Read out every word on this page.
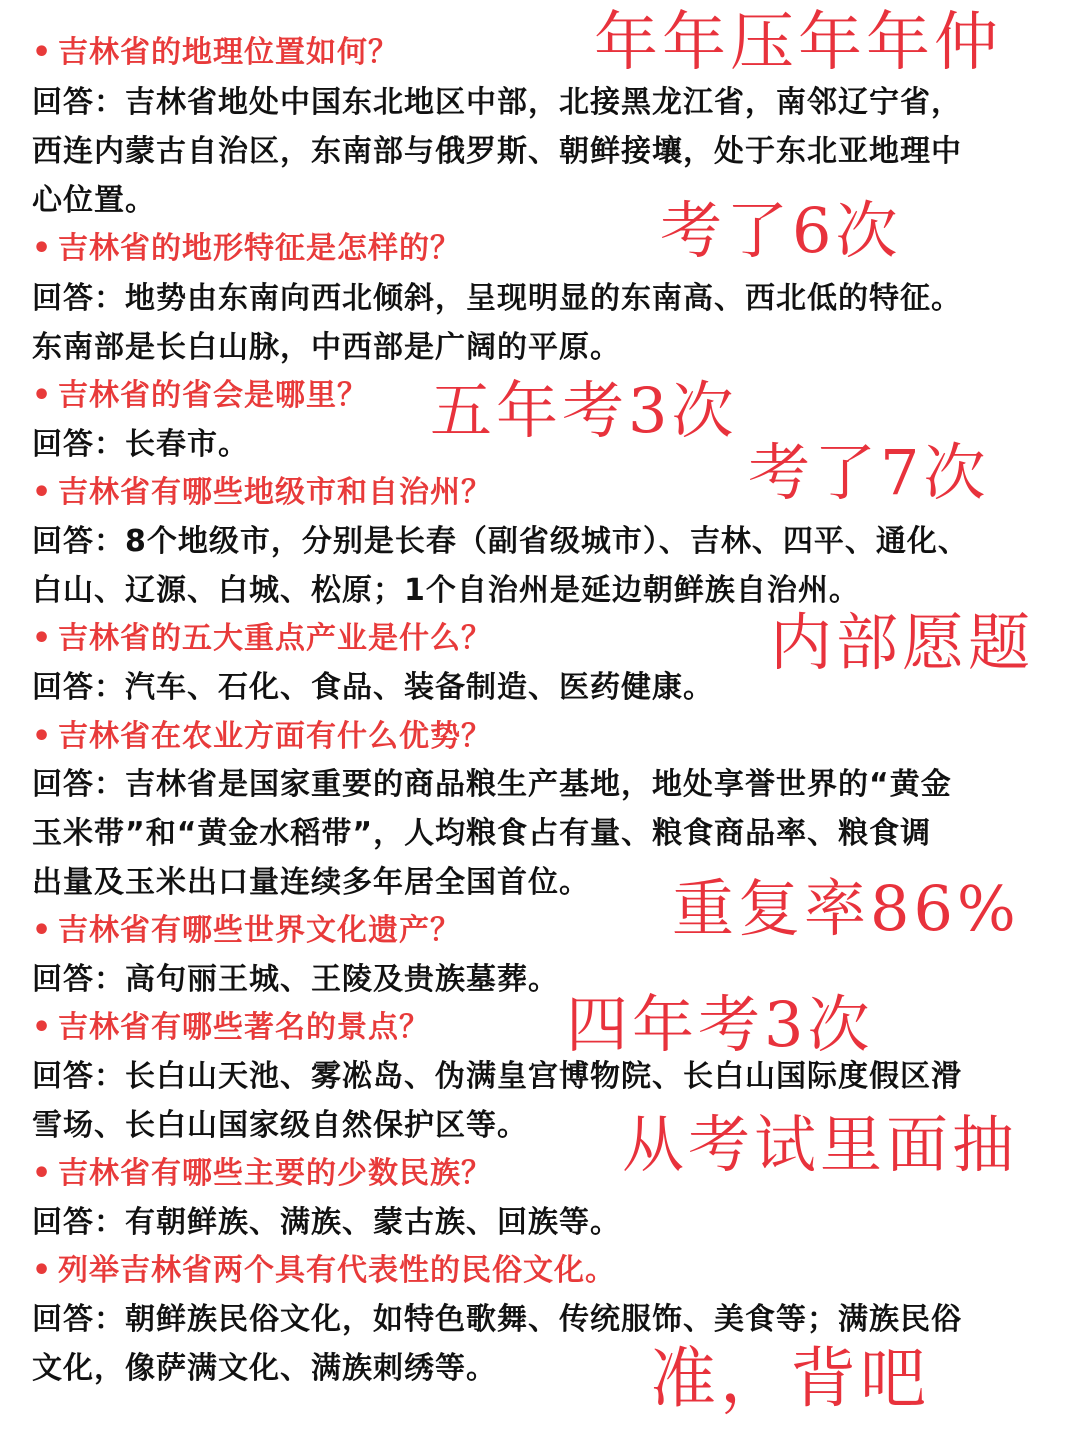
• 吉林省的地理位置如何？
回答：吉林省地处中国东北地区中部，北接黑龙江省，南邻辽宁省，
西连内蒙古自治区，东南部与俄罗斯、朝鲜接壤，处于东北亚地理中
心位置。
• 吉林省的地形特征是怎样的？
回答：地势由东南向西北倾斜，呈现明显的东南高、西北低的特征。
东南部是长白山脉，中西部是广阔的平原。
• 吉林省的省会是哪里？
回答：长春市。
• 吉林省有哪些地级市和自治州？
回答：8个地级市，分别是长春（副省级城市）、吉林、四平、通化、
白山、辽源、白城、松原；1个自治州是延边朝鲜族自治州。
• 吉林省的五大重点产业是什么？
回答：汽车、石化、食品、装备制造、医药健康。
• 吉林省在农业方面有什么优势？
回答：吉林省是国家重要的商品粮生产基地，地处享誉世界的“黄金
玉米带”和“黄金水稻带”，人均粮食占有量、粮食商品率、粮食调
出量及玉米出口量连续多年居全国首位。
• 吉林省有哪些世界文化遗产？
回答：高句丽王城、王陵及贵族墓葬。
• 吉林省有哪些著名的景点？
回答：长白山天池、雾凇岛、伪满皇宫博物院、长白山国际度假区滑
雪场、长白山国家级自然保护区等。
• 吉林省有哪些主要的少数民族？
回答：有朝鲜族、满族、蒙古族、回族等。
• 列举吉林省两个具有代表性的民俗文化。
回答：朝鲜族民俗文化，如特色歌舞、传统服饰、美食等；满族民俗
文化，像萨满文化、满族刺绣等。
年年压年年仲
考了6次
五年考3次
考了7次
内部愿题
重复率86%
四年考3次
从考试里面抽
准，背吧
